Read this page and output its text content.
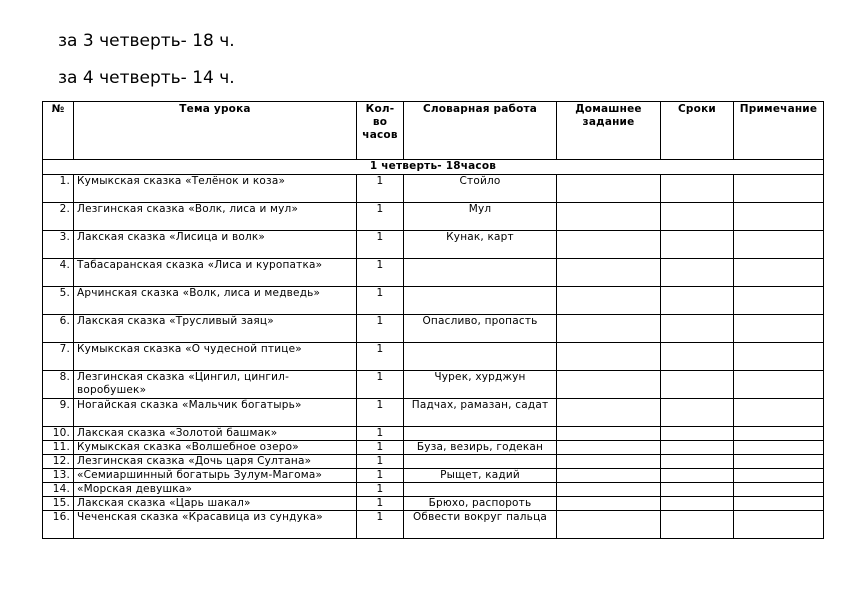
за 3 четверть- 18 ч.
за 4 четверть- 14 ч.
№	Тема урока	Кол-во часов	Словарная работа	Домашнее задание	Сроки	Примечание
1 четверть- 18часов						
1.	Кумыкская сказка «Телёнок и коза»	1	Стойло			
2.	Лезгинская сказка «Волк, лиса и мул»	1	Мул			
3.	Лакская сказка «Лисица и волк»	1	Кунак, карт			
4.	Табасаранская сказка «Лиса и куропатка»	1				
5.	Арчинская сказка «Волк, лиса и медведь»	1				
6.	Лакская сказка «Трусливый заяц»	1	Опасливо, пропасть			
7.	Кумыкская сказка «О чудесной птице»	1				
8.	Лезгинская сказка «Цингил, цингил-воробушек»	1	Чурек, хурджун			
9.	Ногайская сказка «Мальчик богатырь»	1	Падчах, рамазан, садат			
10.	Лакская сказка «Золотой башмак»	1				
11.	Кумыкская сказка «Волшебное озеро»	1	Буза, везирь, годекан			
12.	Лезгинская сказка «Дочь царя Султана»	1				
13.	«Семиаршинный богатырь Зулум-Магома»	1	Рыщет, кадий			
14.	«Морская девушка»	1				
15.	Лакская сказка «Царь шакал»	1	Брюхо, распороть			
16.	Чеченская сказка «Красавица из сундука»	1	Обвести вокруг пальца			
